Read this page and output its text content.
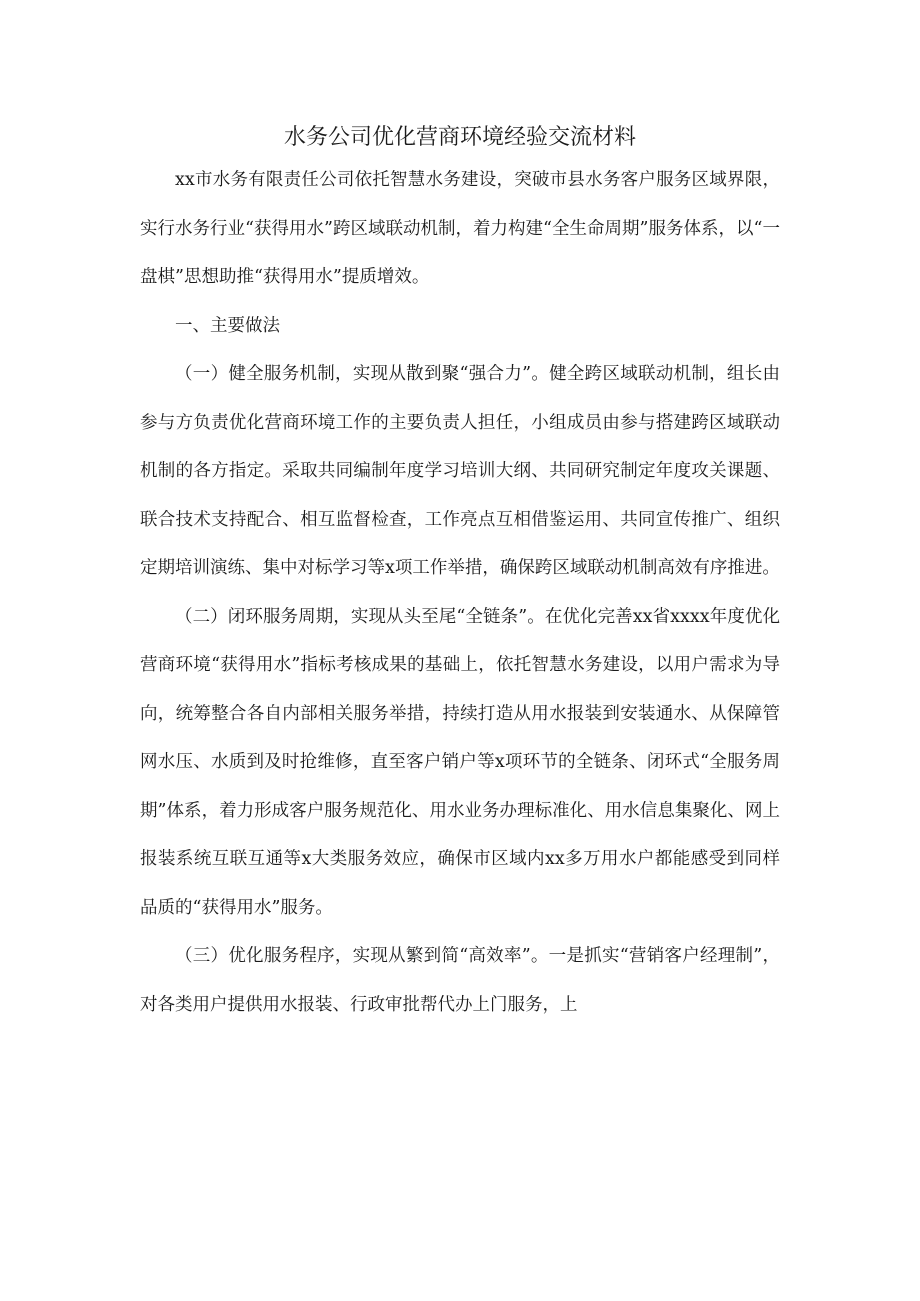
水务公司优化营商环境经验交流材料

xx市水务有限责任公司依托智慧水务建设，突破市县水务客户服务区域界限，实行水务行业“获得用水”跨区域联动机制，着力构建“全生命周期”服务体系，以“一盘棋”思想助推“获得用水”提质增效。

一、主要做法

（一）健全服务机制，实现从散到聚“强合力”。健全跨区域联动机制，组长由参与方负责优化营商环境工作的主要负责人担任，小组成员由参与搭建跨区域联动机制的各方指定。采取共同编制年度学习培训大纲、共同研究制定年度攻关课题、联合技术支持配合、相互监督检查，工作亮点互相借鉴运用、共同宣传推广、组织定期培训演练、集中对标学习等x项工作举措，确保跨区域联动机制高效有序推进。

（二）闭环服务周期，实现从头至尾“全链条”。在优化完善xx省xxxx年度优化营商环境“获得用水”指标考核成果的基础上，依托智慧水务建设，以用户需求为导向，统筹整合各自内部相关服务举措，持续打造从用水报装到安装通水、从保障管网水压、水质到及时抢维修，直至客户销户等x项环节的全链条、闭环式“全服务周期”体系，着力形成客户服务规范化、用水业务办理标准化、用水信息集聚化、网上报装系统互联互通等x大类服务效应，确保市区域内xx多万用水户都能感受到同样品质的“获得用水”服务。

（三）优化服务程序，实现从繁到简“高效率”。一是抓实“营销客户经理制”，对各类用户提供用水报装、行政审批帮代办上门服务，上
